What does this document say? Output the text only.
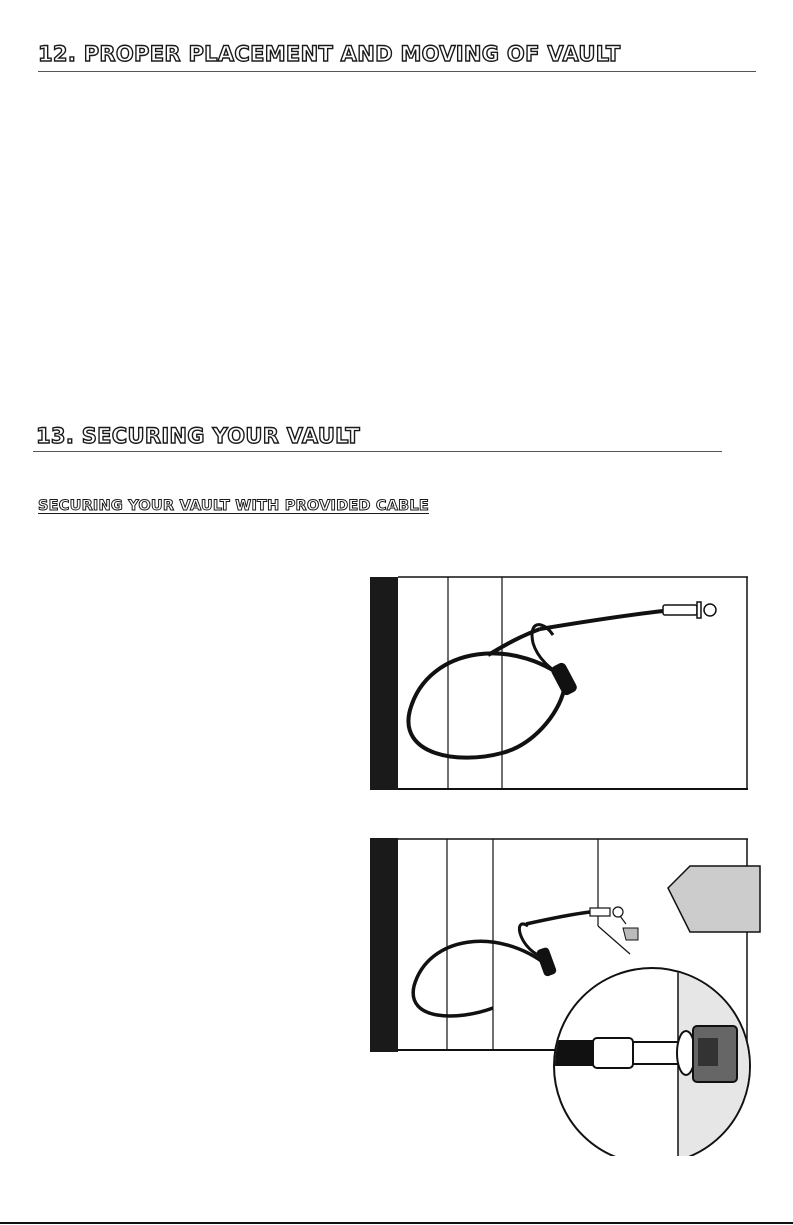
12. PROPER PLACEMENT AND MOVING OF VAULT
13. SECURING YOUR VAULT
SECURING YOUR VAULT WITH PROVIDED CABLE
